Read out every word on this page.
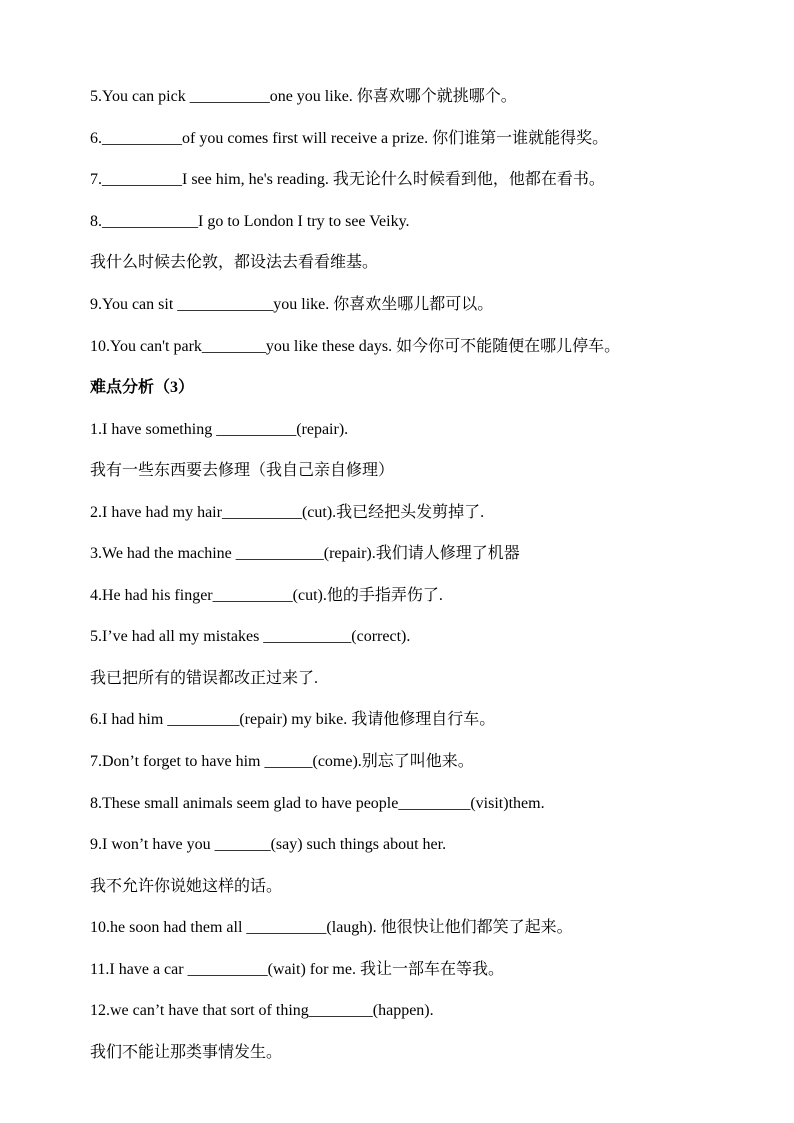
5.You can pick __________one you like. 你喜欢哪个就挑哪个。
6.__________of you comes first will receive a prize. 你们谁第一谁就能得奖。
7.__________I see him, he's reading. 我无论什么时候看到他，他都在看书。
8.____________I go to London I try to see Veiky.
我什么时候去伦敦，都设法去看看维基。
9.You can sit ____________you like. 你喜欢坐哪儿都可以。
10.You can't park________you like these days. 如今你可不能随便在哪儿停车。
难点分析（3）
1.I have something __________(repair).
我有一些东西要去修理（我自己亲自修理）
2.I have had my hair__________(cut).我已经把头发剪掉了.
3.We had the machine ___________(repair).我们请人修理了机器
4.He had his finger__________(cut).他的手指弄伤了.
5.I’ve had all my mistakes ___________(correct).
我已把所有的错误都改正过来了.
6.I had him _________(repair) my bike. 我请他修理自行车。
7.Don’t forget to have him ______(come).别忘了叫他来。
8.These small animals seem glad to have people_________(visit)them.
9.I won’t have you _______(say) such things about her.
我不允许你说她这样的话。
10.he soon had them all __________(laugh). 他很快让他们都笑了起来。
11.I have a car __________(wait) for me. 我让一部车在等我。
12.we can’t have that sort of thing________(happen).
我们不能让那类事情发生。
